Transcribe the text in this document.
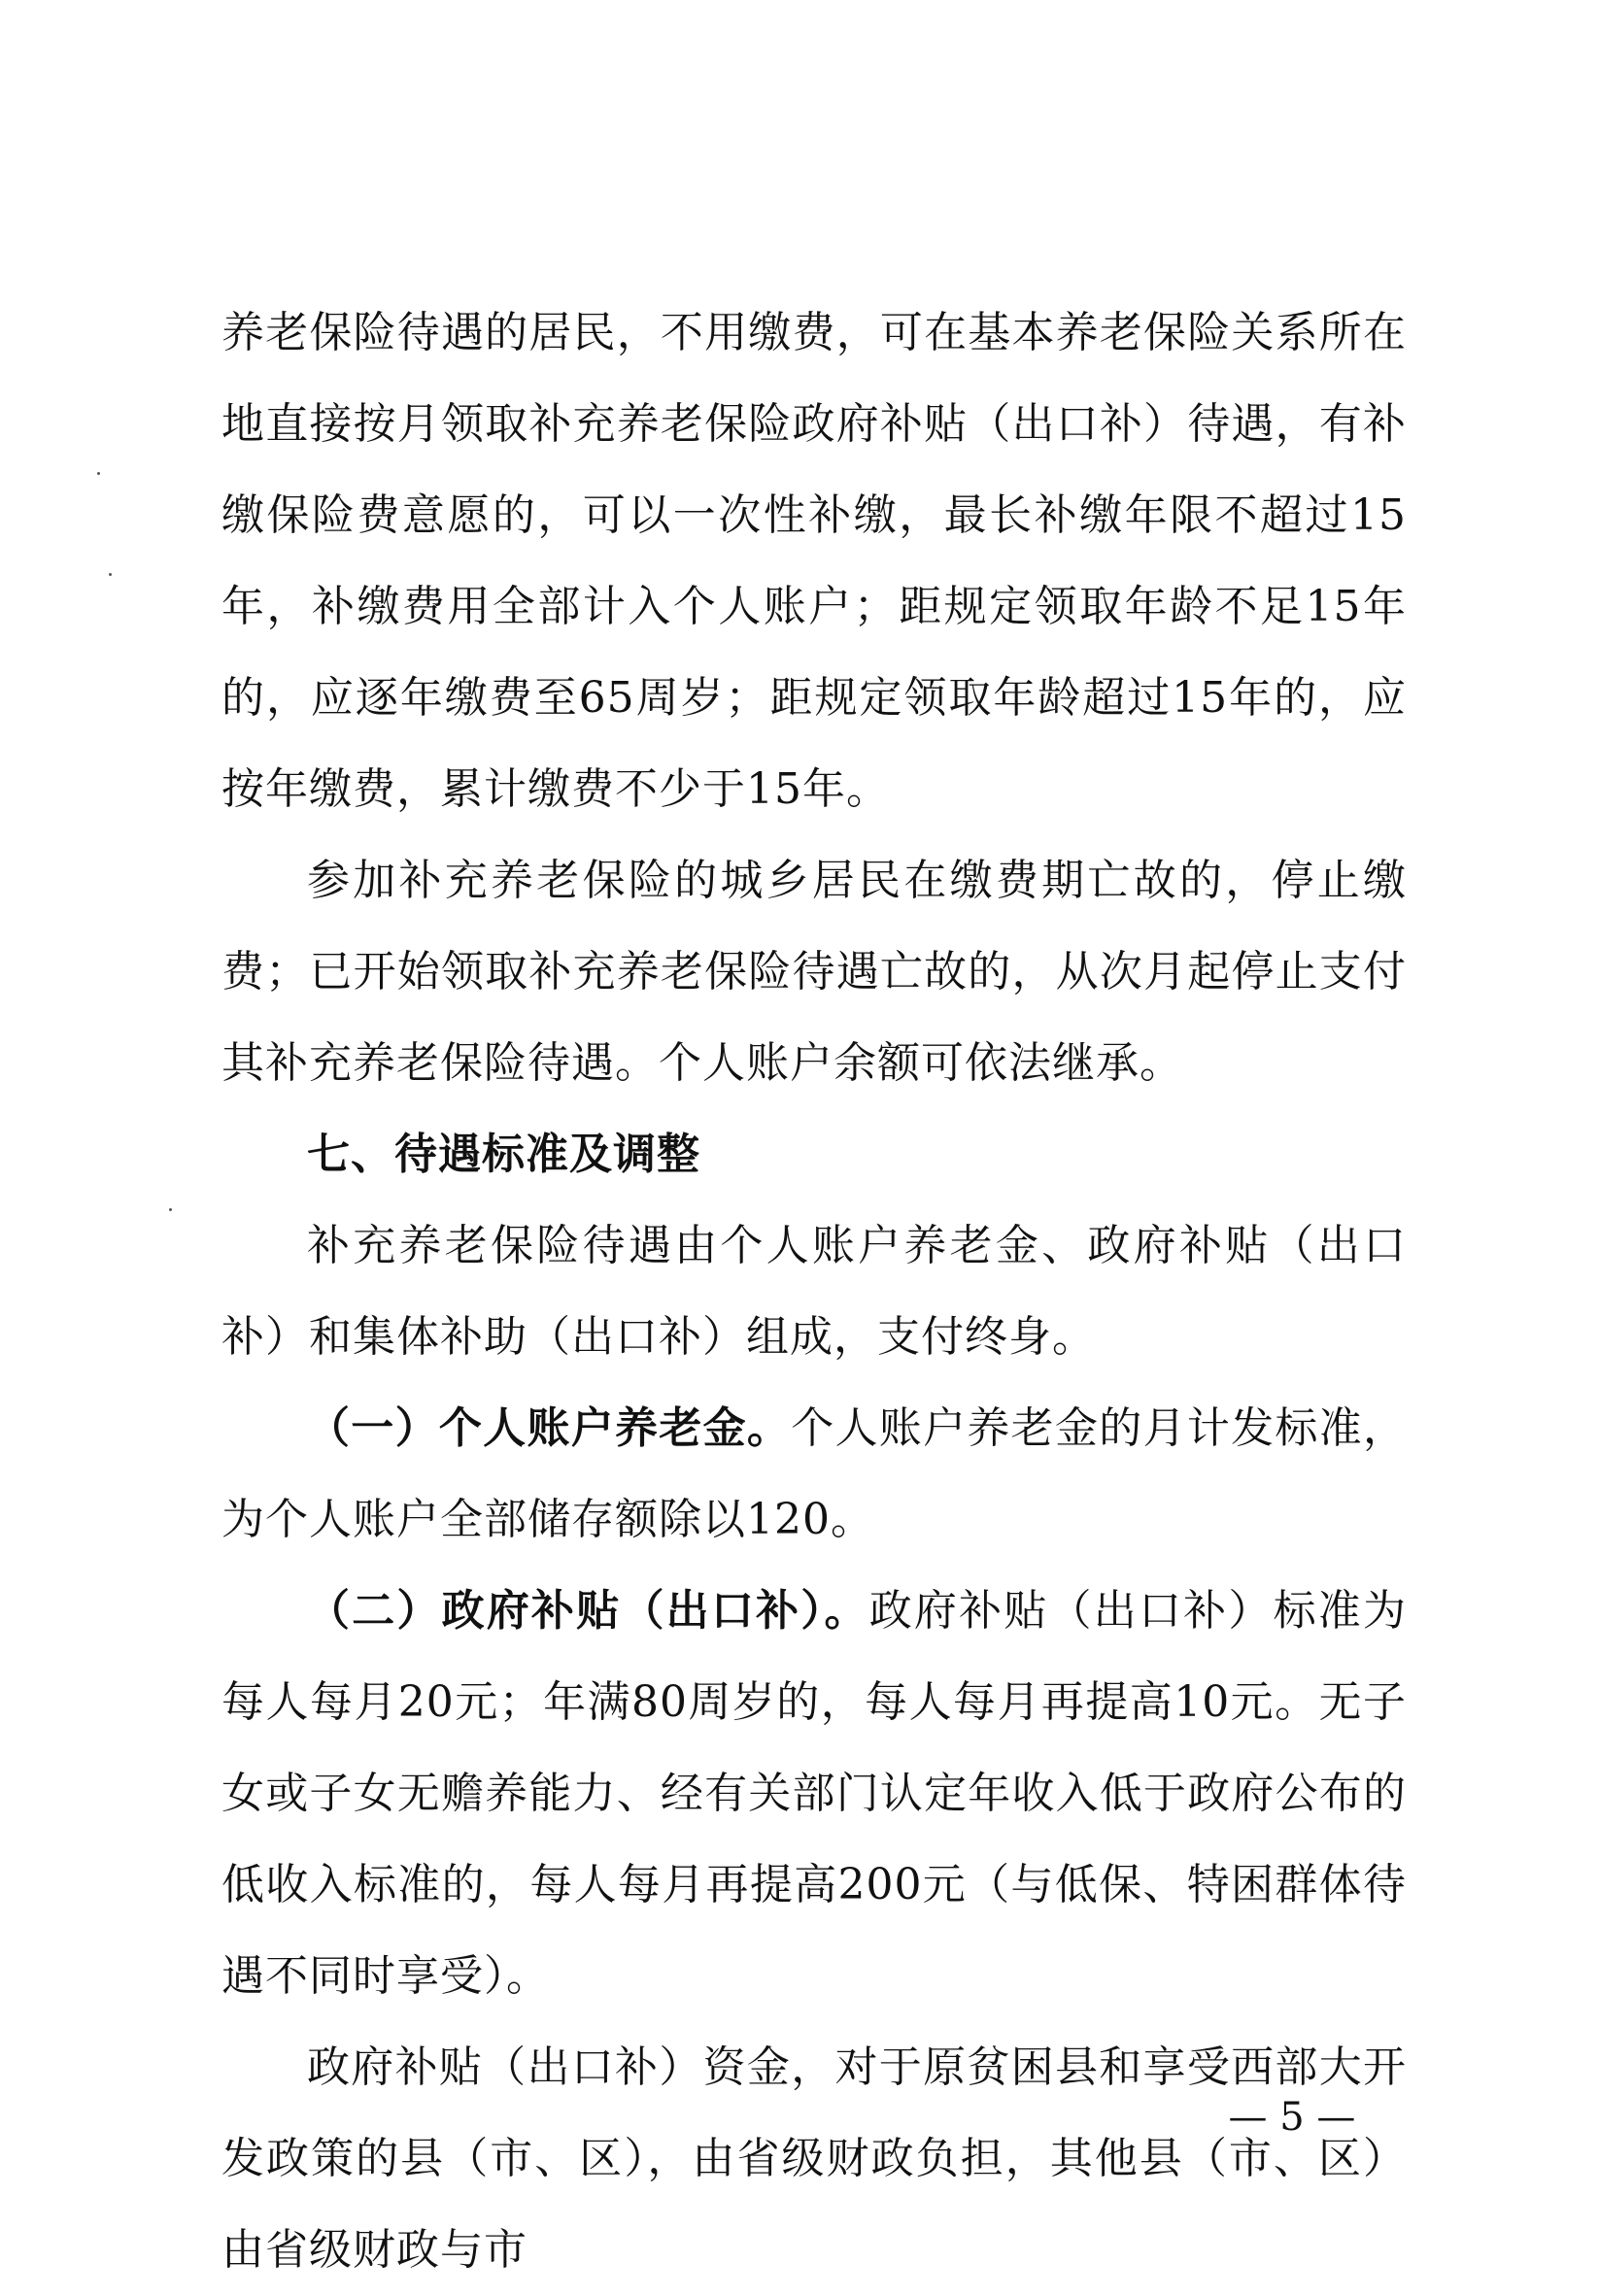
养老保险待遇的居民，不用缴费，可在基本养老保险关系所在地直接按月领取补充养老保险政府补贴（出口补）待遇，有补缴保险费意愿的，可以一次性补缴，最长补缴年限不超过15年，补缴费用全部计入个人账户；距规定领取年龄不足15年的，应逐年缴费至65周岁；距规定领取年龄超过15年的，应按年缴费，累计缴费不少于15年。

参加补充养老保险的城乡居民在缴费期亡故的，停止缴费；已开始领取补充养老保险待遇亡故的，从次月起停止支付其补充养老保险待遇。个人账户余额可依法继承。

七、待遇标准及调整

补充养老保险待遇由个人账户养老金、政府补贴（出口补）和集体补助（出口补）组成，支付终身。

（一）个人账户养老金。个人账户养老金的月计发标准，为个人账户全部储存额除以120。

（二）政府补贴（出口补）。政府补贴（出口补）标准为每人每月20元；年满80周岁的，每人每月再提高10元。无子女或子女无赡养能力、经有关部门认定年收入低于政府公布的低收入标准的，每人每月再提高200元（与低保、特困群体待遇不同时享受）。

政府补贴（出口补）资金，对于原贫困县和享受西部大开发政策的县（市、区），由省级财政负担，其他县（市、区）由省级财政与市

— 5 —
